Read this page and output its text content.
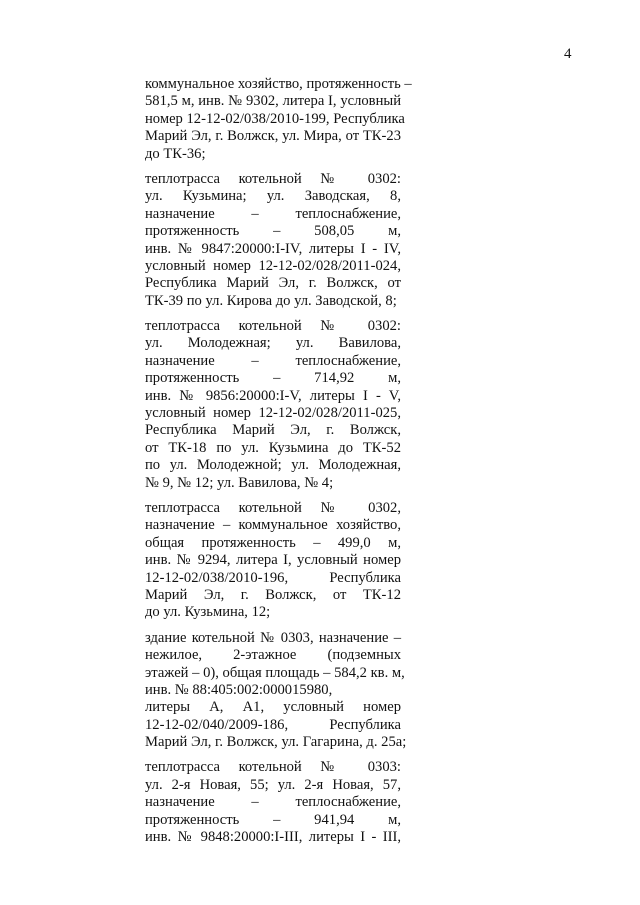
4
коммунальное хозяйство, протяженность –
581,5 м, инв. № 9302, литера I, условный
номер 12-12-02/038/2010-199, Республика
Марий Эл, г. Волжск, ул. Мира, от ТК-23
до ТК-36;
теплотрасса котельной № 0302:
ул. Кузьмина; ул. Заводская, 8,
назначение – теплоснабжение,
протяженность – 508,05 м,
инв. № 9847:20000:I-IV, литеры I - IV,
условный номер 12-12-02/028/2011-024,
Республика Марий Эл, г. Волжск, от
ТК-39 по ул. Кирова до ул. Заводской, 8;
теплотрасса котельной № 0302:
ул. Молодежная; ул. Вавилова,
назначение – теплоснабжение,
протяженность – 714,92 м,
инв. № 9856:20000:I-V, литеры I - V,
условный номер 12-12-02/028/2011-025,
Республика Марий Эл, г. Волжск,
от ТК-18 по ул. Кузьмина до ТК-52
по ул. Молодежной; ул. Молодежная,
№ 9, № 12; ул. Вавилова, № 4;
теплотрасса котельной № 0302,
назначение – коммунальное хозяйство,
общая протяженность – 499,0 м,
инв. № 9294, литера I, условный номер
12-12-02/038/2010-196, Республика
Марий Эл, г. Волжск, от ТК-12
до ул. Кузьмина, 12;
здание котельной № 0303, назначение –
нежилое, 2-этажное (подземных
этажей – 0), общая площадь – 584,2 кв. м,
инв. № 88:405:002:000015980,
литеры А, А1, условный номер
12-12-02/040/2009-186, Республика
Марий Эл, г. Волжск, ул. Гагарина, д. 25а;
теплотрасса котельной № 0303:
ул. 2-я Новая, 55; ул. 2-я Новая, 57,
назначение – теплоснабжение,
протяженность – 941,94 м,
инв. № 9848:20000:I-III, литеры I - III,
